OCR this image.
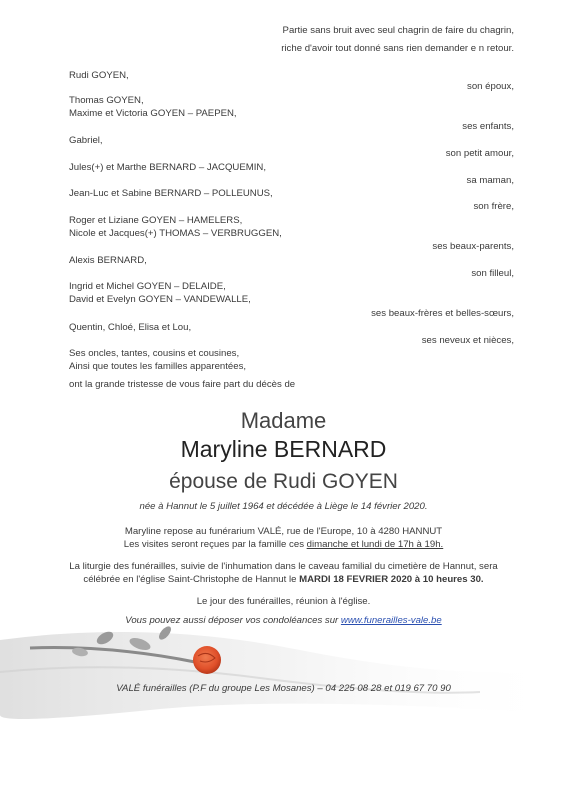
Partie sans bruit avec seul chagrin de faire du chagrin,
riche d'avoir tout donné sans rien demander e n retour.
Rudi GOYEN,
son époux,
Thomas GOYEN,
Maxime et Victoria GOYEN – PAEPEN,
ses enfants,
Gabriel,
son petit amour,
Jules(+) et Marthe BERNARD – JACQUEMIN,
sa maman,
Jean-Luc et Sabine BERNARD – POLLEUNUS,
son frère,
Roger et Liziane GOYEN – HAMELERS,
Nicole et Jacques(+) THOMAS – VERBRUGGEN,
ses beaux-parents,
Alexis BERNARD,
son filleul,
Ingrid et Michel GOYEN – DELAIDE,
David et Evelyn GOYEN – VANDEWALLE,
ses beaux-frères et belles-sœurs,
Quentin, Chloé, Elisa et Lou,
ses neveux et nièces,
Ses oncles, tantes, cousins et cousines,
Ainsi que toutes les familles apparentées,
ont la grande tristesse de vous faire part du décès de
Madame
Maryline BERNARD
épouse de Rudi GOYEN
née à Hannut le 5 juillet 1964 et décédée à Liège le 14 février 2020.
Maryline repose au funérarium VALÉ, rue de l'Europe, 10 à 4280 HANNUT
Les visites seront reçues par la famille ces dimanche et lundi de 17h à 19h.
La liturgie des funérailles, suivie de l'inhumation dans le caveau familial du cimetière de Hannut, sera
célébrée en l'église Saint-Christophe de Hannut le MARDI 18 FEVRIER 2020 à 10 heures 30.
Le jour des funérailles, réunion à l'église.
Vous pouvez aussi déposer vos condoléances sur www.funerailles-vale.be
VALÉ funérailles (P.F du groupe Les Mosanes) – 04 225 08 28 et 019 67 70 90
